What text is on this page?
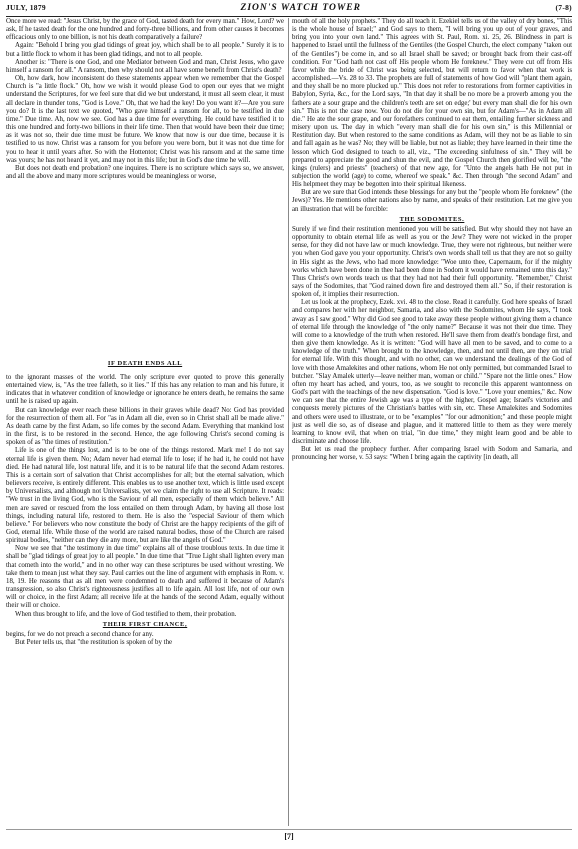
JULY, 1879	ZION'S WATCH TOWER	(7-8)

Once more we read: "Jesus Christ, by the grace of God, tasted death for every man." How, Lord? we ask, If he tasted death for the one hundred and forty-three billions, and from other causes it becomes efficacious only to one billion, is not his death comparatively a failure?

Again: "Behold I bring you glad tidings of great joy, which shall be to all people." Surely it is to but a little flock to whom it has been glad tidings, and not to all people.

Another is: "There is one God, and one Mediator between God and man, Christ Jesus, who gave himself a ransom for all." A ransom, then why should not all have some benefit from Christ's death?

Oh, how dark, how inconsistent do these statements appear when we remember that the Gospel Church is "a little flock." Oh, how we wish it would please God to open our eyes that we might understand the Scriptures, for we feel sure that did we but understand, it must all seem clear, it must all declare in thunder tons, "God is Love." Oh, that we had the key! Do you want it?—Are you sure you do? It is the last text we quoted, "Who gave himself a ransom for all, to be testified in due time." Due time. Ah, now we see. God has a due time for everything. He could have testified it to this one hundred and forty-two billions in their life time. Then that would have been their due time; as it was not so, their due time must be future. We know that now is our due time, because it is testified to us now. Christ was a ransom for you before you were born, but it was not due time for you to hear it until years after. So with the Hottentot; Christ was his ransom and at the same time was yours; he has not heard it yet, and may not in this life; but in God's due time he will.

But does not death end probation? one inquires. There is no scripture which says so, we answer, and all the above and many more scriptures would be meaningless or worse,

IF DEATH ENDS ALL

to the ignorant masses of the world. The only scripture ever quoted to prove this generally entertained view, is, "As the tree falleth, so it lies." If this has any relation to man and his future, it indicates that in whatever condition of knowledge or ignorance he enters death, he remains the same until he is raised up again.

But can knowledge ever reach these billions in their graves while dead? No: God has provided for the resurrection of them all. For "as in Adam all die, even so in Christ shall all be made alive." As death came by the first Adam, so life comes by the second Adam. Everything that mankind lost in the first, is to be restored in the second. Hence, the age following Christ's second coming is spoken of as "the times of restitution."

Life is one of the things lost, and is to be one of the things restored. Mark me! I do not say eternal life is given them. No; Adam never had eternal life to lose; if he had it, he could not have died. He had natural life, lost natural life, and it is to be natural life that the second Adam restores. This is a certain sort of salvation that Christ accomplishes for all; but the eternal salvation, which believers receive, is entirely different. This enables us to use another text, which is little used except by Universalists, and although not Universalists, yet we claim the right to use all Scripture. It reads: "We trust in the living God, who is the Saviour of all men, especially of them which believe." All men are saved or rescued from the loss entailed on them through Adam, by having all those lost things, including natural life, restored to them. He is also the "especial Saviour of them which believe." For believers who now constitute the body of Christ are the happy recipients of the gift of God, eternal life. While those of the world are raised natural bodies, those of the Church are raised spiritual bodies, "neither can they die any more, but are like the angels of God."

Now we see that "the testimony in due time" explains all of those troublous texts. In due time it shall be "glad tidings of great joy to all people." In due time that "True Light shall lighten every man that cometh into the world," and in no other way can these scriptures be used without wresting. We take them to mean just what they say. Paul carries out the line of argument with emphasis in Rom. v. 18, 19. He reasons that as all men were condemned to death and suffered it because of Adam's transgression, so also Christ's righteousness justifies all to life again. All lost life, not of our own will or choice, in the first Adam; all receive life at the hands of the second Adam, equally without their will or choice.

When thus brought to life, and the love of God testified to them, their probation.

THEIR FIRST CHANCE,

begins, for we do not preach a second chance for any.

But Peter tells us, that "the restitution is spoken of by the

mouth of all the holy prophets." They do all teach it. Ezekiel tells us of the valley of dry bones, "This is the whole house of Israel;" and God says to them, "I will bring you up out of your graves, and bring you into your own land." This agrees with St. Paul, Rom. xi. 25, 26. Blindness in part is happened to Israel until the fullness of the Gentiles (the Gospel Church, the elect company "taken out of the Gentiles") be come in, and so all Israel shall be saved; or brought back from their cast-off condition. For "God hath not cast off His people whom He foreknew." They were cut off from His favor while the bride of Christ was being selected, but will return to favor when that work is accomplished.—Vs. 28 to 33. The prophets are full of statements of how God will "plant them again, and they shall be no more plucked up." This does not refer to restorations from former captivities in Babylon, Syria, &c., for the Lord says, "In that day it shall be no more be a proverb among you the fathers ate a sour grape and the children's teeth are set on edge;' but every man shall die for his own sin." This is not the case now. You do not die for your own sin, but for Adam's—"As in Adam all die." He ate the sour grape, and our forefathers continued to eat them, entailing further sickness and misery upon us. The day in which "every man shall die for his own sin," is this Millennial or Restitution day. But when restored to the same conditions as Adam, will they not be as liable to sin and fall again as he was? No; they will be liable, but not as liable; they have learned in their time the lesson which God designed to teach to all, viz., "The exceeding sinfulness of sin." They will be prepared to appreciate the good and shun the evil, and the Gospel Church then glorified will be, "the kings (rulers) and priests" (teachers) of that new age, for "Unto the angels hath He not put in subjection the world (age) to come, whereof we speak." &c. Then through "the second Adam" and His helpmeet they may be begotten into their spiritual likeness.

But are we sure that God intends these blessings for any but the "people whom He foreknew" (the Jews)? Yes. He mentions other nations also by name, and speaks of their restitution. Let me give you an illustration that will be forcible:

THE SODOMITES.

Surely if we find their restitution mentioned you will be satisfied. But why should they not have an opportunity to obtain eternal life as well as you or the Jew? They were not wicked in the proper sense, for they did not have law or much knowledge. True, they were not righteous, but neither were you when God gave you your opportunity. Christ's own words shall tell us that they are not so guilty in His sight as the Jews, who had more knowledge: "Woe unto thee, Capernaum, for if the mighty works which have been done in thee had been done in Sodom it would have remained unto this day." Thus Christ's own words teach us that they had not had their full opportunity. "Remember," Christ says of the Sodomites, that "God rained down fire and destroyed them all." So, if their restoration is spoken of, it implies their resurrection.

Let us look at the prophecy, Ezek. xvi. 48 to the close. Read it carefully. God here speaks of Israel and compares her with her neighbor, Samaria, and also with the Sodomites, whom He says, "I took away as I saw good." Why did God see good to take away these people without giving them a chance of eternal life through the knowledge of "the only name?" Because it was not their due time. They will come to a knowledge of the truth when restored. He'll save them from death's bondage first, and then give them knowledge. As it is written: "God will have all men to be saved, and to come to a knowledge of the truth." When brought to the knowledge, then, and not until then, are they on trial for eternal life. With this thought, and with no other, can we understand the dealings of the God of love with those Amalekites and other nations, whom He not only permitted, but commanded Israel to butcher. "Slay Amalek utterly—leave neither man, woman or child." "Spare not the little ones." How often my heart has ached, and yours, too, as we sought to reconcile this apparent wantonness on God's part with the teachings of the new dispensation. "God is love." "Love your enemies," &c. Now we can see that the entire Jewish age was a type of the higher, Gospel age; Israel's victories and conquests merely pictures of the Christian's battles with sin, etc. These Amalekites and Sodomites and others were used to illustrate, or to be "examples" "for our admonition;" and these people might just as well die so, as of disease and plague, and it mattered little to them as they were merely learning to know evil, that when on trial, "in due time," they might learn good and be able to discriminate and choose life.

But let us read the prophecy further. After comparing Israel with Sodom and Samaria, and pronouncing her worse, v. 53 says: "When I bring again the captivity [in death, all

[7]
